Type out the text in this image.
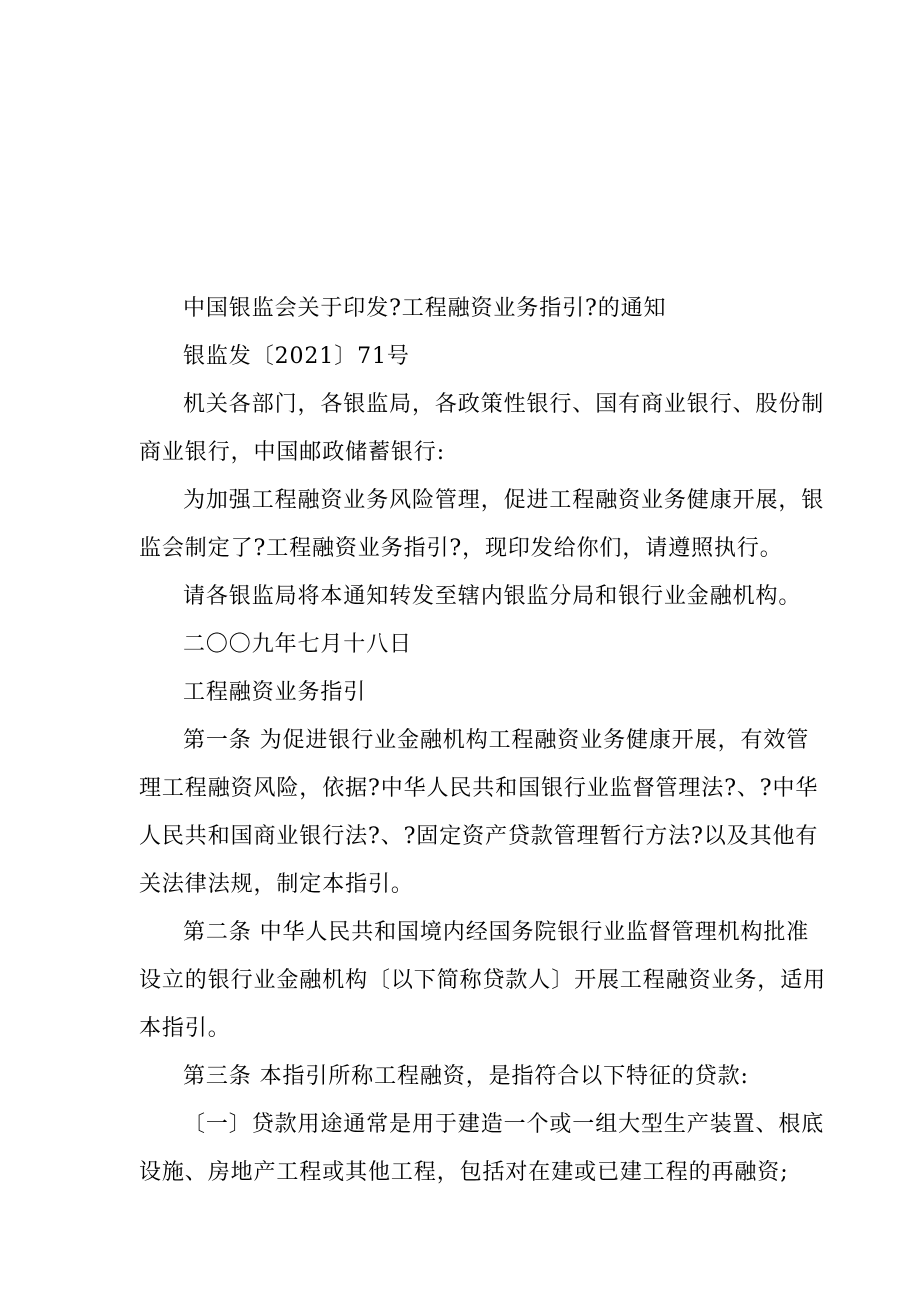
中国银监会关于印发?工程融资业务指引?的通知
银监发〔2021〕71号
机关各部门，各银监局，各政策性银行、国有商业银行、股份制
商业银行，中国邮政储蓄银行:
为加强工程融资业务风险管理，促进工程融资业务健康开展，银
监会制定了?工程融资业务指引?，现印发给你们，请遵照执行。
请各银监局将本通知转发至辖内银监分局和银行业金融机构。
二〇〇九年七月十八日
工程融资业务指引
第一条 为促进银行业金融机构工程融资业务健康开展，有效管
理工程融资风险，依据?中华人民共和国银行业监督管理法?、?中华
人民共和国商业银行法?、?固定资产贷款管理暂行方法?以及其他有
关法律法规，制定本指引。
第二条 中华人民共和国境内经国务院银行业监督管理机构批准
设立的银行业金融机构〔以下简称贷款人〕开展工程融资业务，适用
本指引。
第三条 本指引所称工程融资，是指符合以下特征的贷款:
〔一〕贷款用途通常是用于建造一个或一组大型生产装置、根底
设施、房地产工程或其他工程，包括对在建或已建工程的再融资;
